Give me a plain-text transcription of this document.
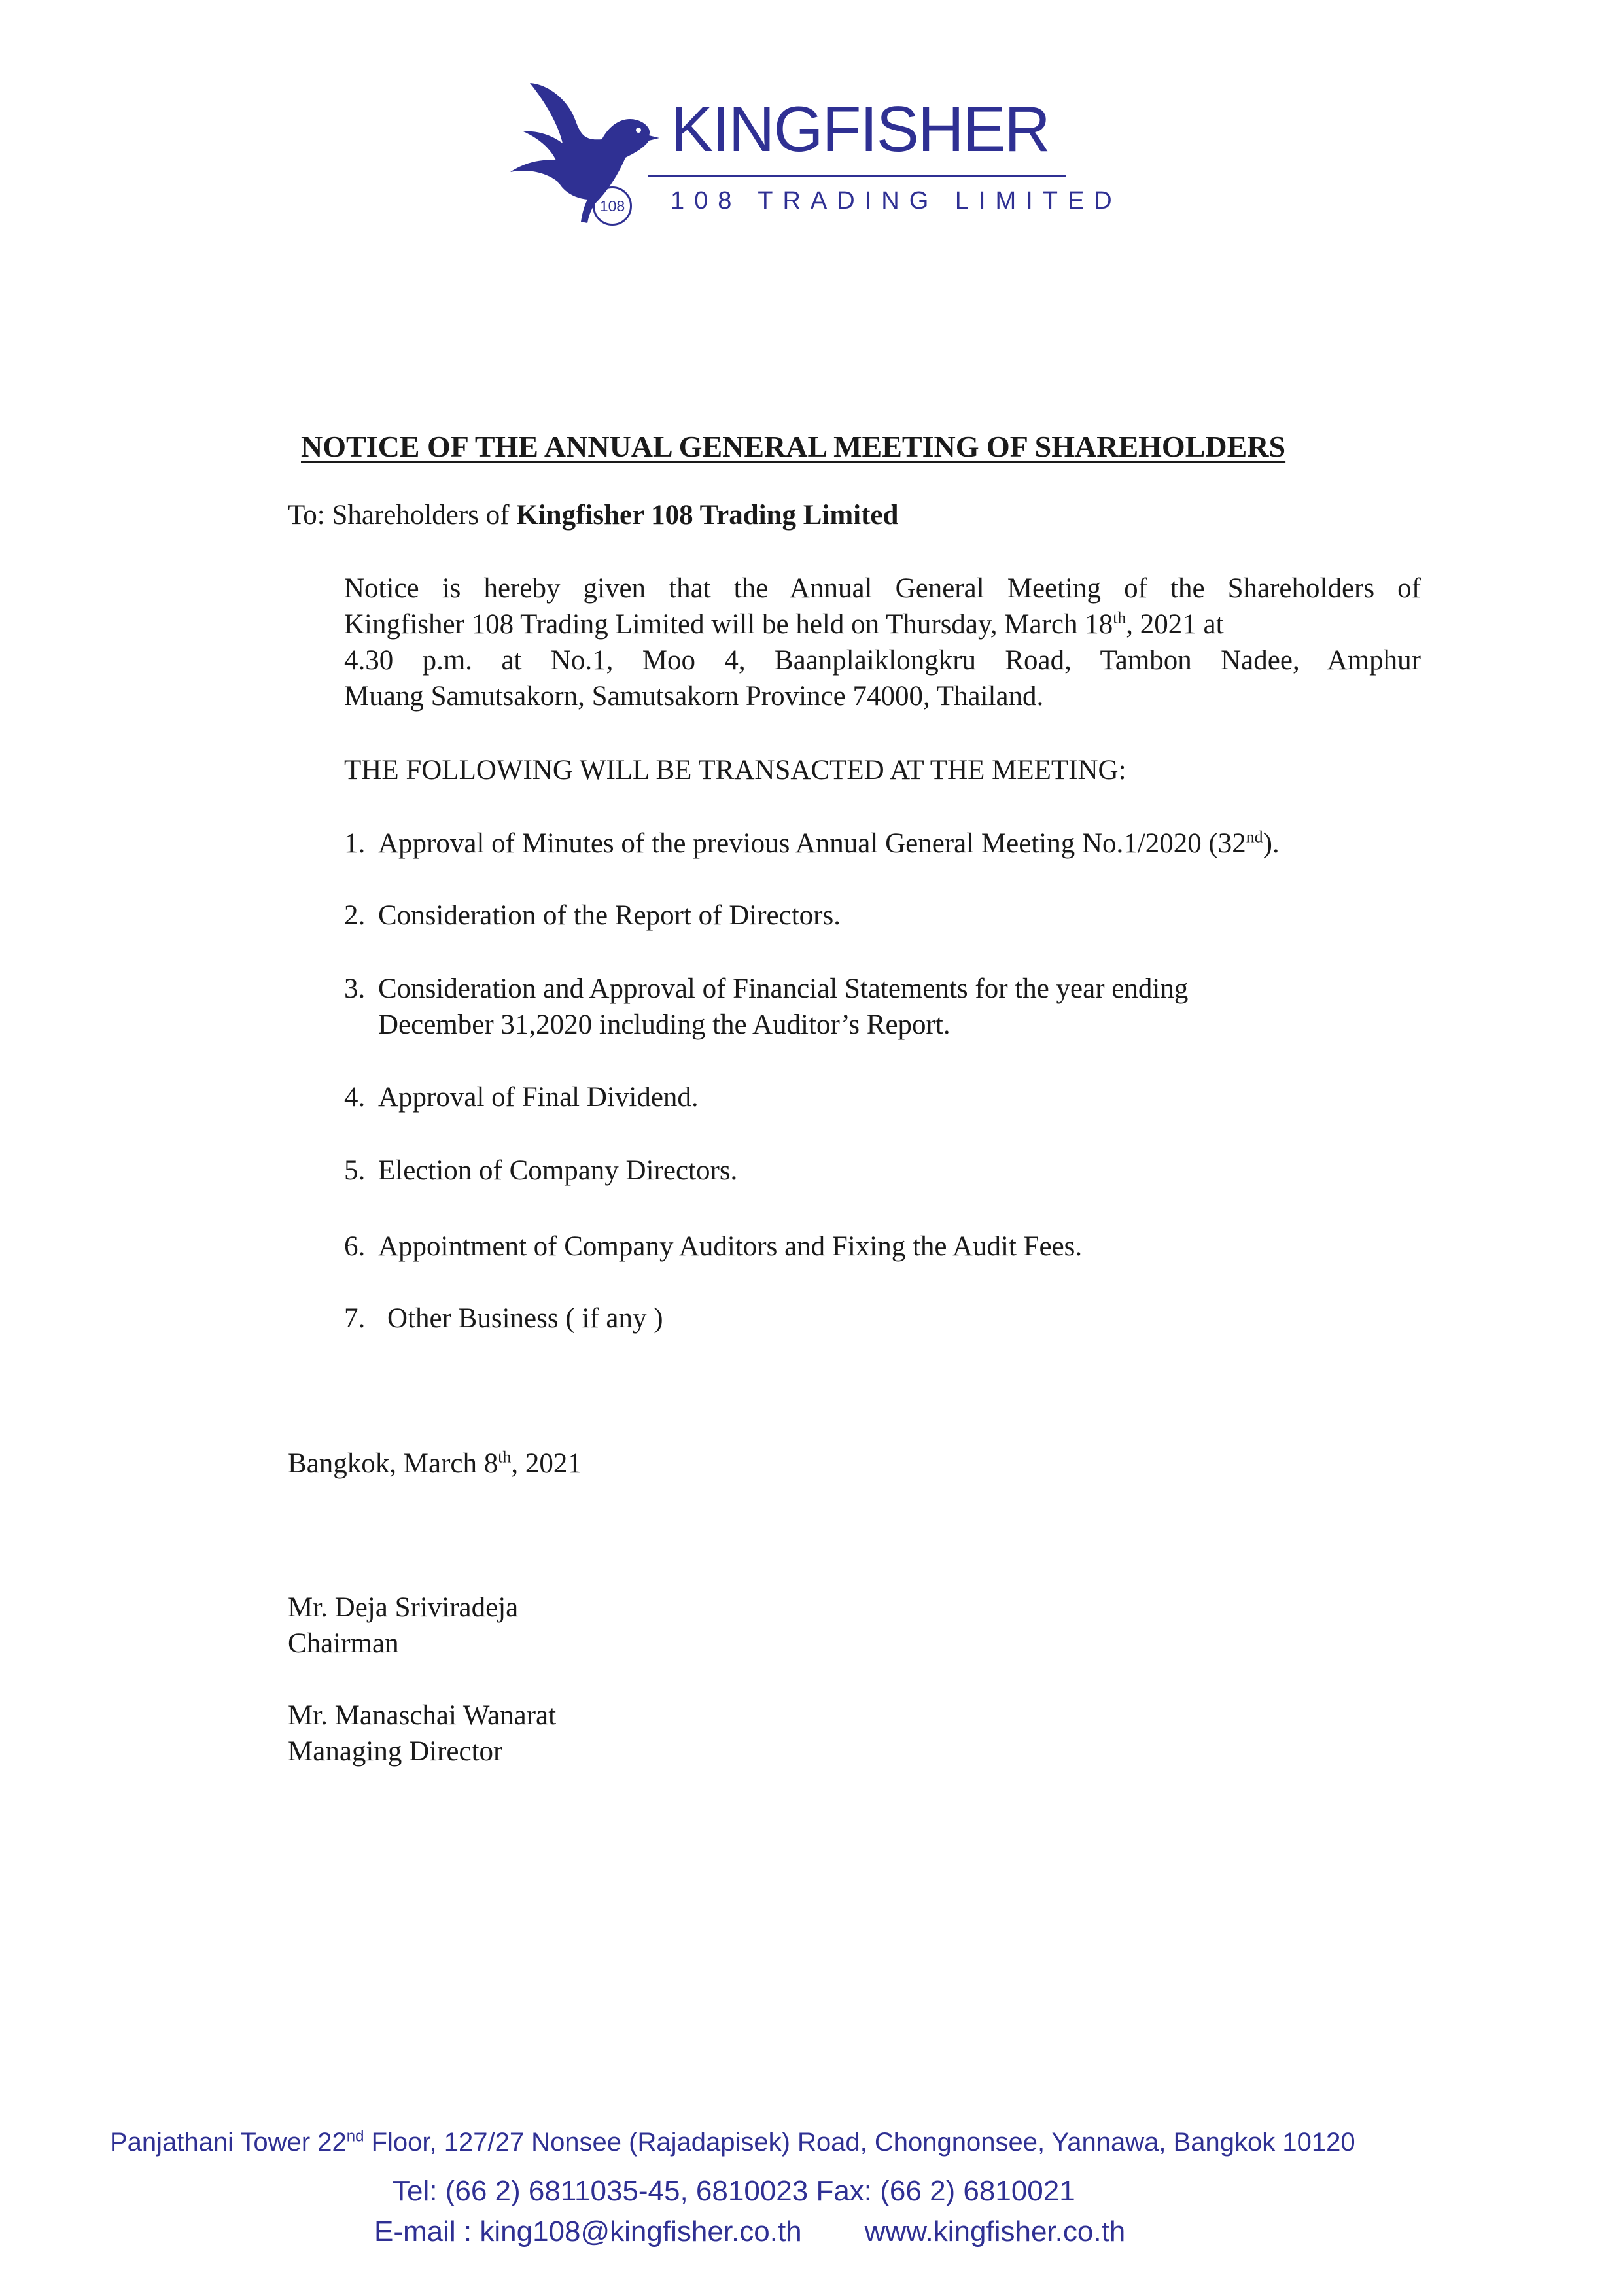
KINGFISHER
108 108 TRADING LIMITED
NOTICE OF THE ANNUAL GENERAL MEETING OF SHAREHOLDERS
To: Shareholders of Kingfisher 108 Trading Limited
Notice is hereby given that the Annual General Meeting of the Shareholders of
Kingfisher 108 Trading Limited will be held on Thursday, March 18th, 2021 at
4.30 p.m. at No.1, Moo 4, Baanplaiklongkru Road, Tambon Nadee, Amphur
Muang Samutsakorn, Samutsakorn Province 74000, Thailand.
THE FOLLOWING WILL BE TRANSACTED AT THE MEETING:
1. Approval of Minutes of the previous Annual General Meeting No.1/2020 (32nd).
2. Consideration of the Report of Directors.
3. Consideration and Approval of Financial Statements for the year ending
December 31,2020 including the Auditor’s Report.
4. Approval of Final Dividend.
5. Election of Company Directors.
6. Appointment of Company Auditors and Fixing the Audit Fees.
7. Other Business ( if any )
Bangkok, March 8th, 2021
Mr. Deja Sriviradeja
Chairman
Mr. Manaschai Wanarat
Managing Director
Panjathani Tower 22nd Floor, 127/27 Nonsee (Rajadapisek) Road, Chongnonsee, Yannawa, Bangkok 10120
Tel: (66 2) 6811035-45, 6810023 Fax: (66 2) 6810021
E-mail : king108@kingfisher.co.th www.kingfisher.co.th
